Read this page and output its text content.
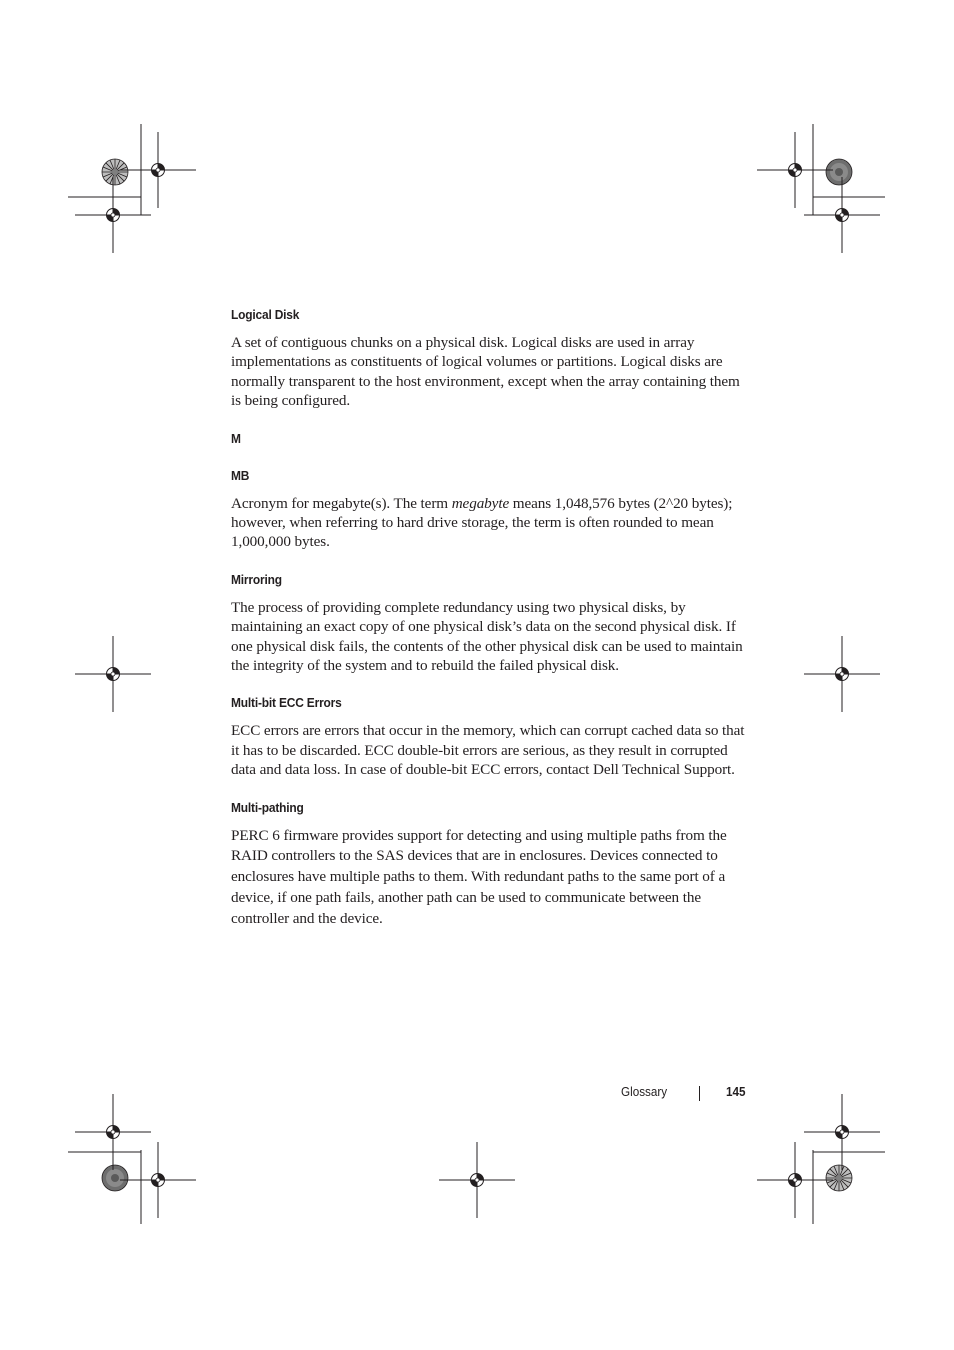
Logical Disk

A set of contiguous chunks on a physical disk. Logical disks are used in array implementations as constituents of logical volumes or partitions. Logical disks are normally transparent to the host environment, except when the array containing them is being configured.

M
MB

Acronym for megabyte(s). The term megabyte means 1,048,576 bytes (2^20 bytes); however, when referring to hard drive storage, the term is often rounded to mean 1,000,000 bytes.

Mirroring

The process of providing complete redundancy using two physical disks, by maintaining an exact copy of one physical disk’s data on the second physical disk. If one physical disk fails, the contents of the other physical disk can be used to maintain the integrity of the system and to rebuild the failed physical disk.

Multi-bit ECC Errors

ECC errors are errors that occur in the memory, which can corrupt cached data so that it has to be discarded. ECC double-bit errors are serious, as they result in corrupted data and data loss. In case of double-bit ECC errors, contact Dell Technical Support.

Multi-pathing

PERC 6 firmware provides support for detecting and using multiple paths from the RAID controllers to the SAS devices that are in enclosures. Devices connected to enclosures have multiple paths to them. With redundant paths to the same port of a device, if one path fails, another path can be used to communicate between the controller and the device.

Glossary	145
